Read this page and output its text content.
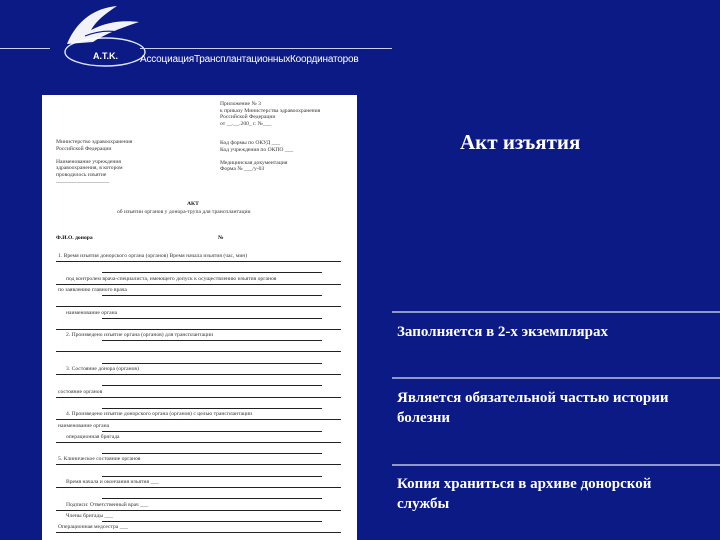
A.T.K. АссоциацияТрансплантационныхКоординаторов
Приложение № 3
к приказу Министерства здравоохранения
Российской Федерации
от __.__.200_ г. №___
Код формы по ОКУД ___
Код учреждения по ОКПО ___
Медицинская документация
Форма № ___/у-03
Министерство здравоохранения
Российской Федерации
Наименование учреждения
здравоохранения, в котором
проводилось изъятие
___________________
АКТ
об изъятии органов у донора-трупа для трансплантации
Ф.И.О. донора	№
1. Время изъятия донорского органа (органов) Время начала изъятия (час, мин)
под контролем врача-специалиста, имеющего допуск к осуществлению изъятия органов
по заявлению главного врача
наименование органа
2. Произведено изъятие органа (органов) для трансплантации
3. Состояние донора (органов)
состояние органов
4. Произведено изъятие донорского органа (органов) с целью трансплантации
наименование органа
операционная бригада
5. Клиническое состояние органов
Время начала и окончания изъятия ___
Подписи: Ответственный врач ___
Члены бригады ___
Операционная медсестра ___
Акт изъятия
Заполняется в 2-х экземплярах
Является обязательной частью истории болезни
Копия храниться в архиве донорской службы
